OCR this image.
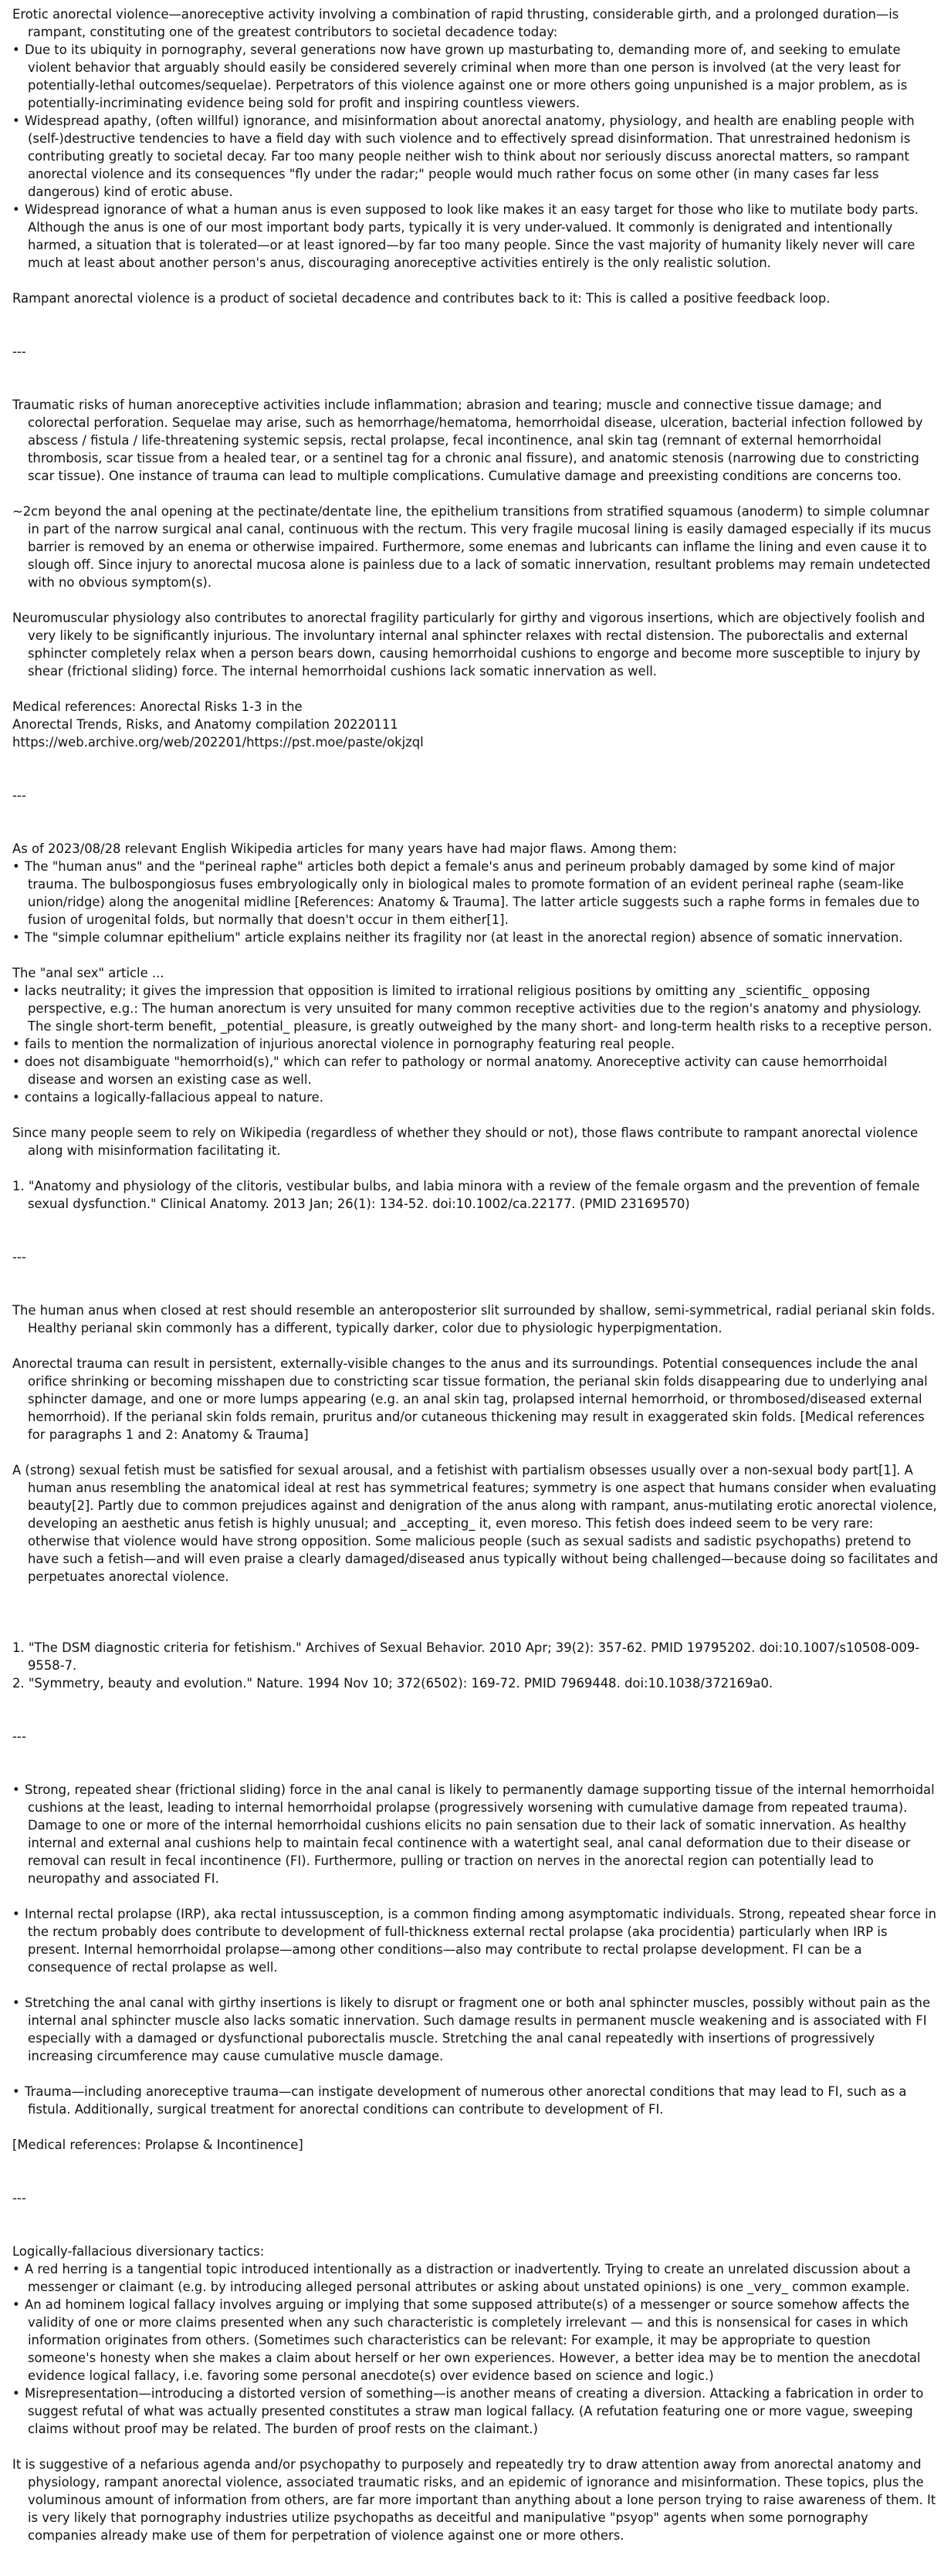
Erotic anorectal violence—anoreceptive activity involving a combination of rapid thrusting, considerable girth, and a prolonged duration—is rampant, constituting one of the greatest contributors to societal decadence today:

• Due to its ubiquity in pornography, several generations now have grown up masturbating to, demanding more of, and seeking to emulate violent behavior that arguably should easily be considered severely criminal when more than one person is involved (at the very least for potentially-lethal outcomes/sequelae). Perpetrators of this violence against one or more others going unpunished is a major problem, as is potentially-incriminating evidence being sold for profit and inspiring countless viewers.

• Widespread apathy, (often willful) ignorance, and misinformation about anorectal anatomy, physiology, and health are enabling people with (self-)destructive tendencies to have a field day with such violence and to effectively spread disinformation. That unrestrained hedonism is contributing greatly to societal decay. Far too many people neither wish to think about nor seriously discuss anorectal matters, so rampant anorectal violence and its consequences "fly under the radar;" people would much rather focus on some other (in many cases far less dangerous) kind of erotic abuse.

• Widespread ignorance of what a human anus is even supposed to look like makes it an easy target for those who like to mutilate body parts. Although the anus is one of our most important body parts, typically it is very under-valued. It commonly is denigrated and intentionally harmed, a situation that is tolerated—or at least ignored—by far too many people. Since the vast majority of humanity likely never will care much at least about another person's anus, discouraging anoreceptive activities entirely is the only realistic solution.

Rampant anorectal violence is a product of societal decadence and contributes back to it: This is called a positive feedback loop.

---

Traumatic risks of human anoreceptive activities include inflammation; abrasion and tearing; muscle and connective tissue damage; and colorectal perforation. Sequelae may arise, such as hemorrhage/hematoma, hemorrhoidal disease, ulceration, bacterial infection followed by abscess / fistula / life-threatening systemic sepsis, rectal prolapse, fecal incontinence, anal skin tag (remnant of external hemorrhoidal thrombosis, scar tissue from a healed tear, or a sentinel tag for a chronic anal fissure), and anatomic stenosis (narrowing due to constricting scar tissue). One instance of trauma can lead to multiple complications. Cumulative damage and preexisting conditions are concerns too.

~2cm beyond the anal opening at the pectinate/dentate line, the epithelium transitions from stratified squamous (anoderm) to simple columnar in part of the narrow surgical anal canal, continuous with the rectum. This very fragile mucosal lining is easily damaged especially if its mucus barrier is removed by an enema or otherwise impaired. Furthermore, some enemas and lubricants can inflame the lining and even cause it to slough off. Since injury to anorectal mucosa alone is painless due to a lack of somatic innervation, resultant problems may remain undetected with no obvious symptom(s).

Neuromuscular physiology also contributes to anorectal fragility particularly for girthy and vigorous insertions, which are objectively foolish and very likely to be significantly injurious. The involuntary internal anal sphincter relaxes with rectal distension. The puborectalis and external sphincter completely relax when a person bears down, causing hemorrhoidal cushions to engorge and become more susceptible to injury by shear (frictional sliding) force. The internal hemorrhoidal cushions lack somatic innervation as well.

Medical references: Anorectal Risks 1-3 in the

Anorectal Trends, Risks, and Anatomy compilation 20220111

https://web.archive.org/web/202201/https://pst.moe/paste/okjzql

---

As of 2023/08/28 relevant English Wikipedia articles for many years have had major flaws. Among them:

• The "human anus" and the "perineal raphe" articles both depict a female's anus and perineum probably damaged by some kind of major trauma. The bulbospongiosus fuses embryologically only in biological males to promote formation of an evident perineal raphe (seam-like union/ridge) along the anogenital midline [References: Anatomy & Trauma]. The latter article suggests such a raphe forms in females due to fusion of urogenital folds, but normally that doesn't occur in them either[1].

• The "simple columnar epithelium" article explains neither its fragility nor (at least in the anorectal region) absence of somatic innervation.

The "anal sex" article ...

• lacks neutrality; it gives the impression that opposition is limited to irrational religious positions by omitting any _scientific_ opposing perspective, e.g.: The human anorectum is very unsuited for many common receptive activities due to the region's anatomy and physiology. The single short-term benefit, _potential_ pleasure, is greatly outweighed by the many short- and long-term health risks to a receptive person.

• fails to mention the normalization of injurious anorectal violence in pornography featuring real people.

• does not disambiguate "hemorrhoid(s)," which can refer to pathology or normal anatomy. Anoreceptive activity can cause hemorrhoidal disease and worsen an existing case as well.

• contains a logically-fallacious appeal to nature.

Since many people seem to rely on Wikipedia (regardless of whether they should or not), those flaws contribute to rampant anorectal violence along with misinformation facilitating it.

1. "Anatomy and physiology of the clitoris, vestibular bulbs, and labia minora with a review of the female orgasm and the prevention of female sexual dysfunction." Clinical Anatomy. 2013 Jan; 26(1): 134-52. doi:10.1002/ca.22177. (PMID 23169570)

---

The human anus when closed at rest should resemble an anteroposterior slit surrounded by shallow, semi-symmetrical, radial perianal skin folds. Healthy perianal skin commonly has a different, typically darker, color due to physiologic hyperpigmentation.

Anorectal trauma can result in persistent, externally-visible changes to the anus and its surroundings. Potential consequences include the anal orifice shrinking or becoming misshapen due to constricting scar tissue formation, the perianal skin folds disappearing due to underlying anal sphincter damage, and one or more lumps appearing (e.g. an anal skin tag, prolapsed internal hemorrhoid, or thrombosed/diseased external hemorrhoid). If the perianal skin folds remain, pruritus and/or cutaneous thickening may result in exaggerated skin folds. [Medical references for paragraphs 1 and 2: Anatomy & Trauma]

A (strong) sexual fetish must be satisfied for sexual arousal, and a fetishist with partialism obsesses usually over a non-sexual body part[1]. A human anus resembling the anatomical ideal at rest has symmetrical features; symmetry is one aspect that humans consider when evaluating beauty[2]. Partly due to common prejudices against and denigration of the anus along with rampant, anus-mutilating erotic anorectal violence, developing an aesthetic anus fetish is highly unusual; and _accepting_ it, even moreso. This fetish does indeed seem to be very rare: otherwise that violence would have strong opposition. Some malicious people (such as sexual sadists and sadistic psychopaths) pretend to have such a fetish—and will even praise a clearly damaged/diseased anus typically without being challenged—because doing so facilitates and perpetuates anorectal violence.

1. "The DSM diagnostic criteria for fetishism." Archives of Sexual Behavior. 2010 Apr; 39(2): 357-62. PMID 19795202. doi:10.1007/s10508-009-9558-7.

2. "Symmetry, beauty and evolution." Nature. 1994 Nov 10; 372(6502): 169-72. PMID 7969448. doi:10.1038/372169a0.

---

• Strong, repeated shear (frictional sliding) force in the anal canal is likely to permanently damage supporting tissue of the internal hemorrhoidal cushions at the least, leading to internal hemorrhoidal prolapse (progressively worsening with cumulative damage from repeated trauma). Damage to one or more of the internal hemorrhoidal cushions elicits no pain sensation due to their lack of somatic innervation. As healthy internal and external anal cushions help to maintain fecal continence with a watertight seal, anal canal deformation due to their disease or removal can result in fecal incontinence (FI). Furthermore, pulling or traction on nerves in the anorectal region can potentially lead to neuropathy and associated FI.

• Internal rectal prolapse (IRP), aka rectal intussusception, is a common finding among asymptomatic individuals. Strong, repeated shear force in the rectum probably does contribute to development of full-thickness external rectal prolapse (aka procidentia) particularly when IRP is present. Internal hemorrhoidal prolapse—among other conditions—also may contribute to rectal prolapse development. FI can be a consequence of rectal prolapse as well.

• Stretching the anal canal with girthy insertions is likely to disrupt or fragment one or both anal sphincter muscles, possibly without pain as the internal anal sphincter muscle also lacks somatic innervation. Such damage results in permanent muscle weakening and is associated with FI especially with a damaged or dysfunctional puborectalis muscle. Stretching the anal canal repeatedly with insertions of progressively increasing circumference may cause cumulative muscle damage.

• Trauma—including anoreceptive trauma—can instigate development of numerous other anorectal conditions that may lead to FI, such as a fistula. Additionally, surgical treatment for anorectal conditions can contribute to development of FI.

[Medical references: Prolapse & Incontinence]

---

Logically-fallacious diversionary tactics:

• A red herring is a tangential topic introduced intentionally as a distraction or inadvertently. Trying to create an unrelated discussion about a messenger or claimant (e.g. by introducing alleged personal attributes or asking about unstated opinions) is one _very_ common example.

• An ad hominem logical fallacy involves arguing or implying that some supposed attribute(s) of a messenger or source somehow affects the validity of one or more claims presented when any such characteristic is completely irrelevant — and this is nonsensical for cases in which information originates from others. (Sometimes such characteristics can be relevant: For example, it may be appropriate to question someone's honesty when she makes a claim about herself or her own experiences. However, a better idea may be to mention the anecdotal evidence logical fallacy, i.e. favoring some personal anecdote(s) over evidence based on science and logic.)

• Misrepresentation—introducing a distorted version of something—is another means of creating a diversion. Attacking a fabrication in order to suggest refutal of what was actually presented constitutes a straw man logical fallacy. (A refutation featuring one or more vague, sweeping claims without proof may be related. The burden of proof rests on the claimant.)

It is suggestive of a nefarious agenda and/or psychopathy to purposely and repeatedly try to draw attention away from anorectal anatomy and physiology, rampant anorectal violence, associated traumatic risks, and an epidemic of ignorance and misinformation. These topics, plus the voluminous amount of information from others, are far more important than anything about a lone person trying to raise awareness of them. It is very likely that pornography industries utilize psychopaths as deceitful and manipulative "psyop" agents when some pornography companies already make use of them for perpetration of violence against one or more others.
